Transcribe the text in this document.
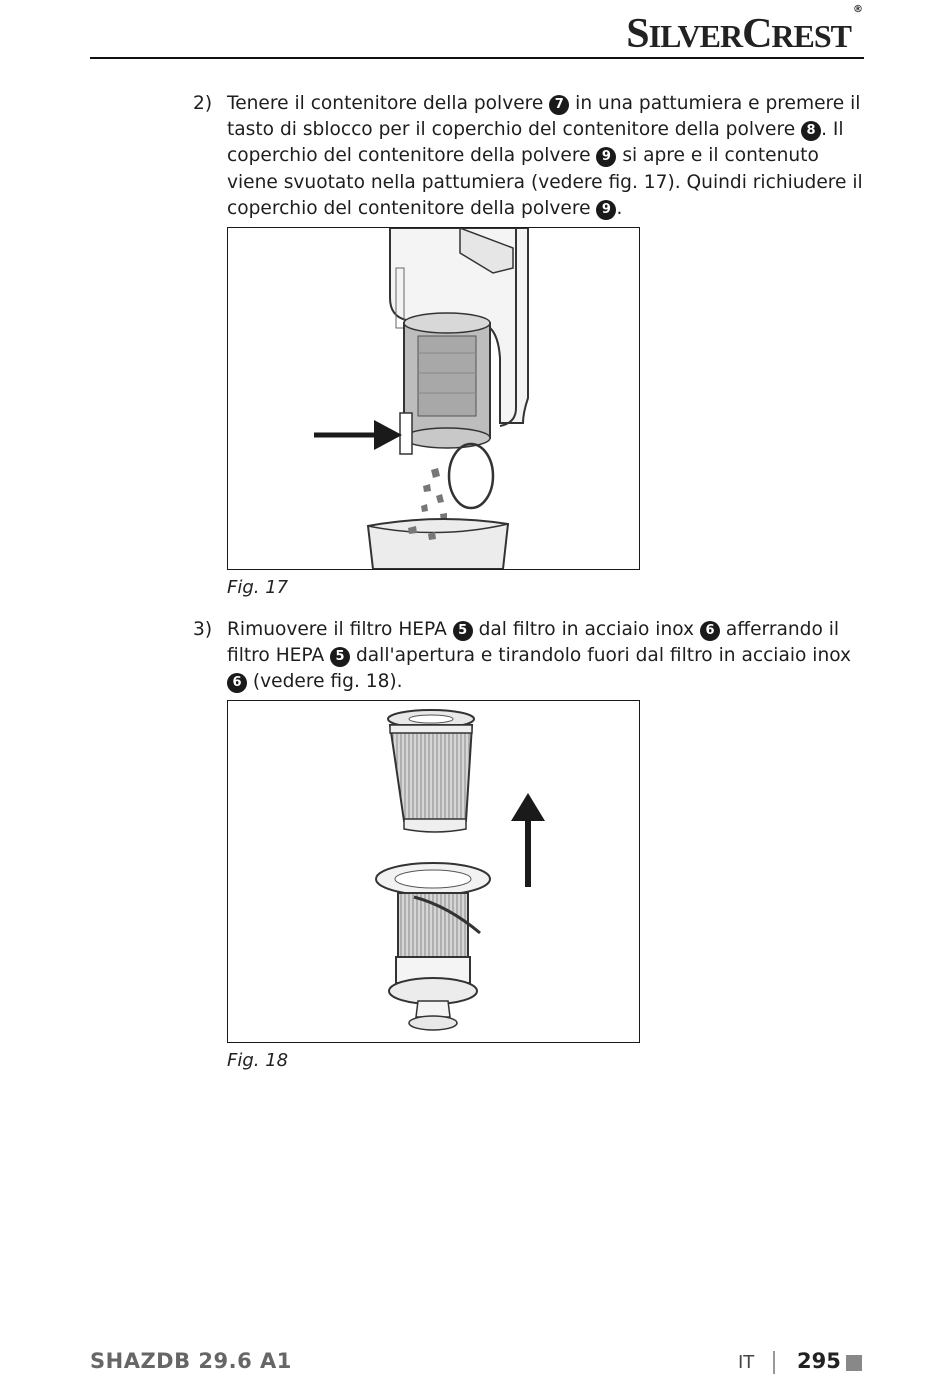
SILVERCREST®
2) Tenere il contenitore della polvere 7 in una pattumiera e premere il tasto di sblocco per il coperchio del contenitore della polvere 8 . Il coperchio del contenitore della polvere 9 si apre e il contenuto viene svuotato nella pattumiera (vedere fig. 17). Quindi richiudere il coperchio del contenitore della polvere 9 .
Fig. 17
3) Rimuovere il filtro HEPA 5 dal filtro in acciaio inox 6 afferrando il filtro HEPA 5 dall'apertura e tirandolo fuori dal filtro in acciaio inox 6 (vedere fig. 18).
Fig. 18
SHAZDB 29.6 A1	IT 295
